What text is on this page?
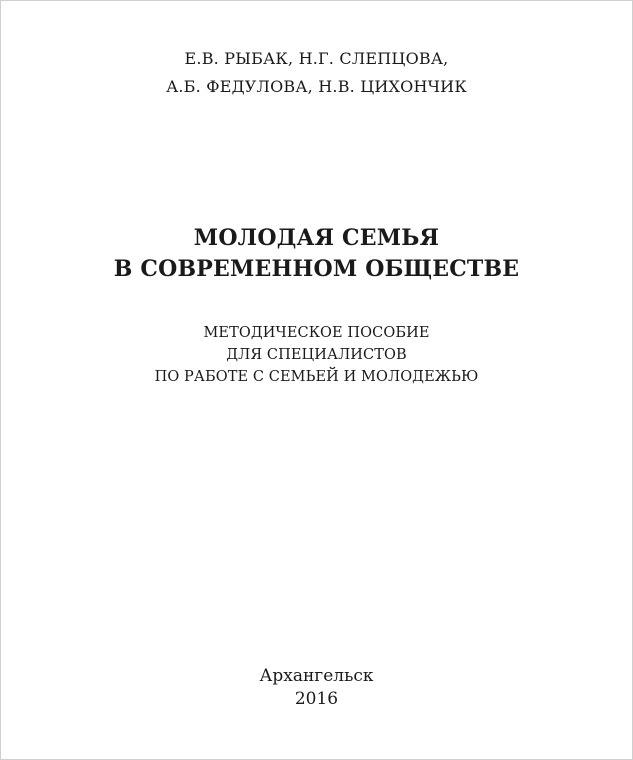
Е.В. РЫБАК, Н.Г. СЛЕПЦОВА,
А.Б. ФЕДУЛОВА, Н.В. ЦИХОНЧИК
МОЛОДАЯ СЕМЬЯ
В СОВРЕМЕННОМ ОБЩЕСТВЕ
МЕТОДИЧЕСКОЕ ПОСОБИЕ
ДЛЯ СПЕЦИАЛИСТОВ
ПО РАБОТЕ С СЕМЬЕЙ И МОЛОДЕЖЬЮ
Архангельск
2016
